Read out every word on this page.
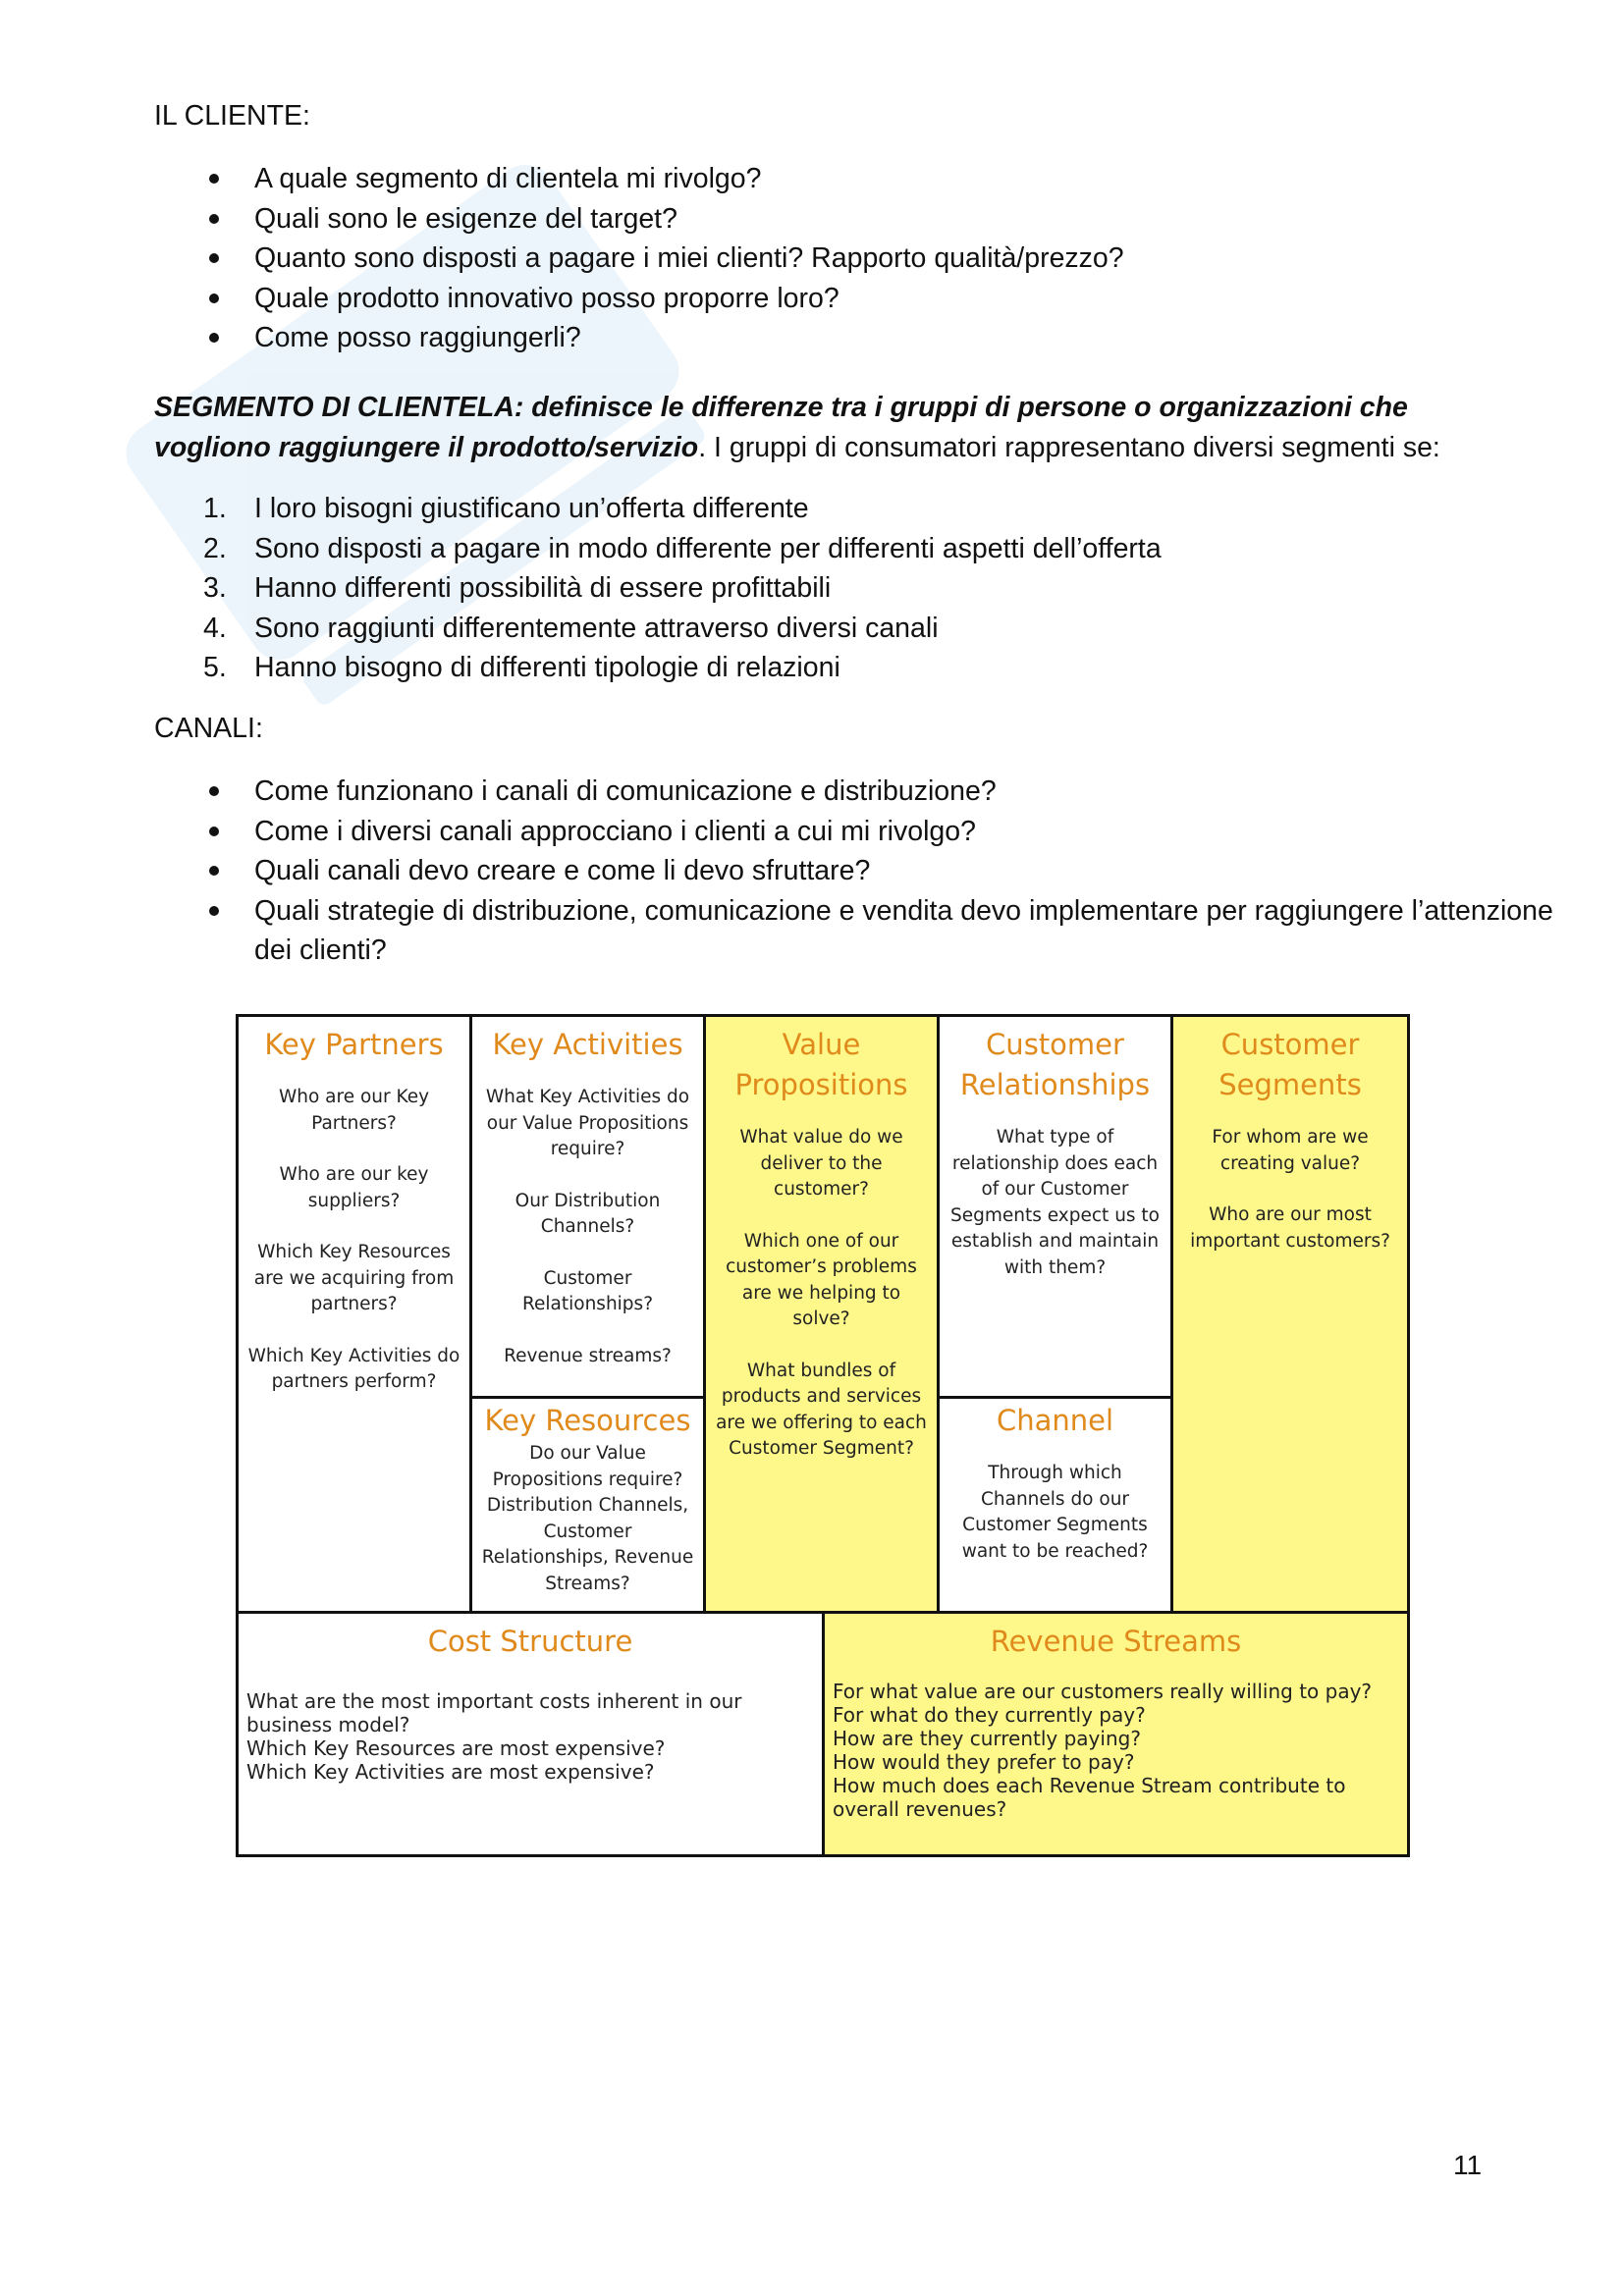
IL CLIENTE:
A quale segmento di clientela mi rivolgo?
Quali sono le esigenze del target?
Quanto sono disposti a pagare i miei clienti? Rapporto qualità/prezzo?
Quale prodotto innovativo posso proporre loro?
Come posso raggiungerli?
SEGMENTO DI CLIENTELA: definisce le differenze tra i gruppi di persone o organizzazioni che vogliono raggiungere il prodotto/servizio. I gruppi di consumatori rappresentano diversi segmenti se:
1. I loro bisogni giustificano un’offerta differente
2. Sono disposti a pagare in modo differente per differenti aspetti dell’offerta
3. Hanno differenti possibilità di essere profittabili
4. Sono raggiunti differentemente attraverso diversi canali
5. Hanno bisogno di differenti tipologie di relazioni
CANALI:
Come funzionano i canali di comunicazione e distribuzione?
Come i diversi canali approcciano i clienti a cui mi rivolgo?
Quali canali devo creare e come li devo sfruttare?
Quali strategie di distribuzione, comunicazione e vendita devo implementare per raggiungere l’attenzione dei clienti?
Key Partners

Who are our Key Partners?

Who are our key suppliers?

Which Key Resources are we acquiring from partners?

Which Key Activities do partners perform?

Key Activities

What Key Activities do our Value Propositions require?

Our Distribution Channels?

Customer Relationships?

Revenue streams?

Key Resources
Do our Value Propositions require? Distribution Channels, Customer Relationships, Revenue Streams?
Value Propositions

What value do we deliver to the customer?

Which one of our customer’s problems are we helping to solve?

What bundles of products and services are we offering to each Customer Segment?

Customer Relationships
What type of relationship does each of our Customer Segments expect us to establish and maintain with them?
Channel
Through which Channels do our Customer Segments want to be reached?
Customer Segments

For whom are we creating value?

Who are our most important customers?

Cost Structure
What are the most important costs inherent in our business model?
Which Key Resources are most expensive?
Which Key Activities are most expensive?
Revenue Streams
For what value are our customers really willing to pay?
For what do they currently pay?
How are they currently paying?
How would they prefer to pay?
How much does each Revenue Stream contribute to overall revenues?
11
